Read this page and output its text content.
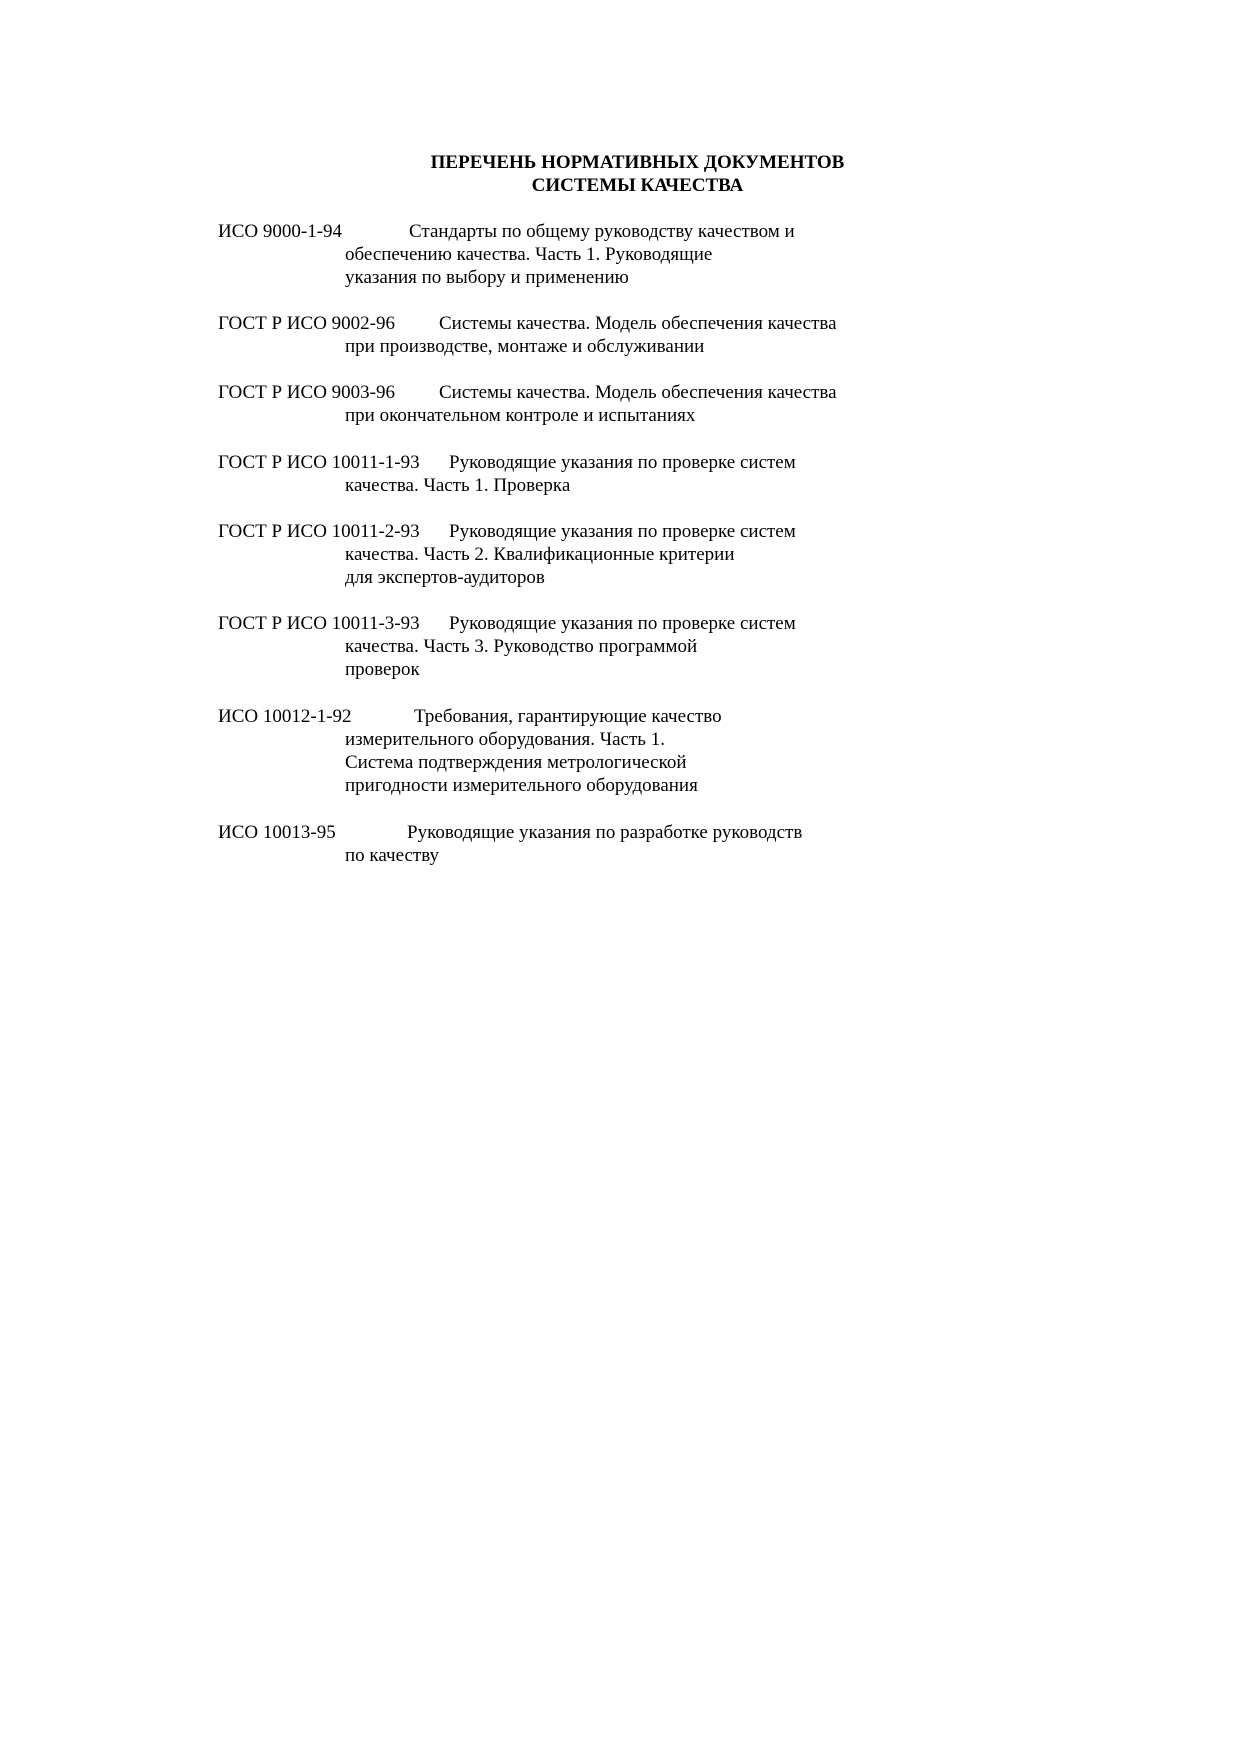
ПЕРЕЧЕНЬ НОРМАТИВНЫХ ДОКУМЕНТОВ
СИСТЕМЫ КАЧЕСТВА
ИСО 9000-1-94	Стандарты по общему руководству качеством и
обеспечению качества. Часть 1. Руководящие
указания по выбору и применению
ГОСТ Р ИСО 9002-96 Системы качества. Модель обеспечения качества
при производстве, монтаже и обслуживании
ГОСТ Р ИСО 9003-96 Системы качества. Модель обеспечения качества
при окончательном контроле и испытаниях
ГОСТ Р ИСО 10011-1-93 Руководящие указания по проверке систем
качества. Часть 1. Проверка
ГОСТ Р ИСО 10011-2-93 Руководящие указания по проверке систем
качества. Часть 2. Квалификационные критерии
для экспертов-аудиторов
ГОСТ Р ИСО 10011-3-93 Руководящие указания по проверке систем
качества. Часть 3. Руководство программой
проверок
ИСО 10012-1-92	Требования, гарантирующие качество
измерительного оборудования. Часть 1.
Система подтверждения метрологической
пригодности измерительного оборудования
ИСО 10013-95	Руководящие указания по разработке руководств
по качеству
